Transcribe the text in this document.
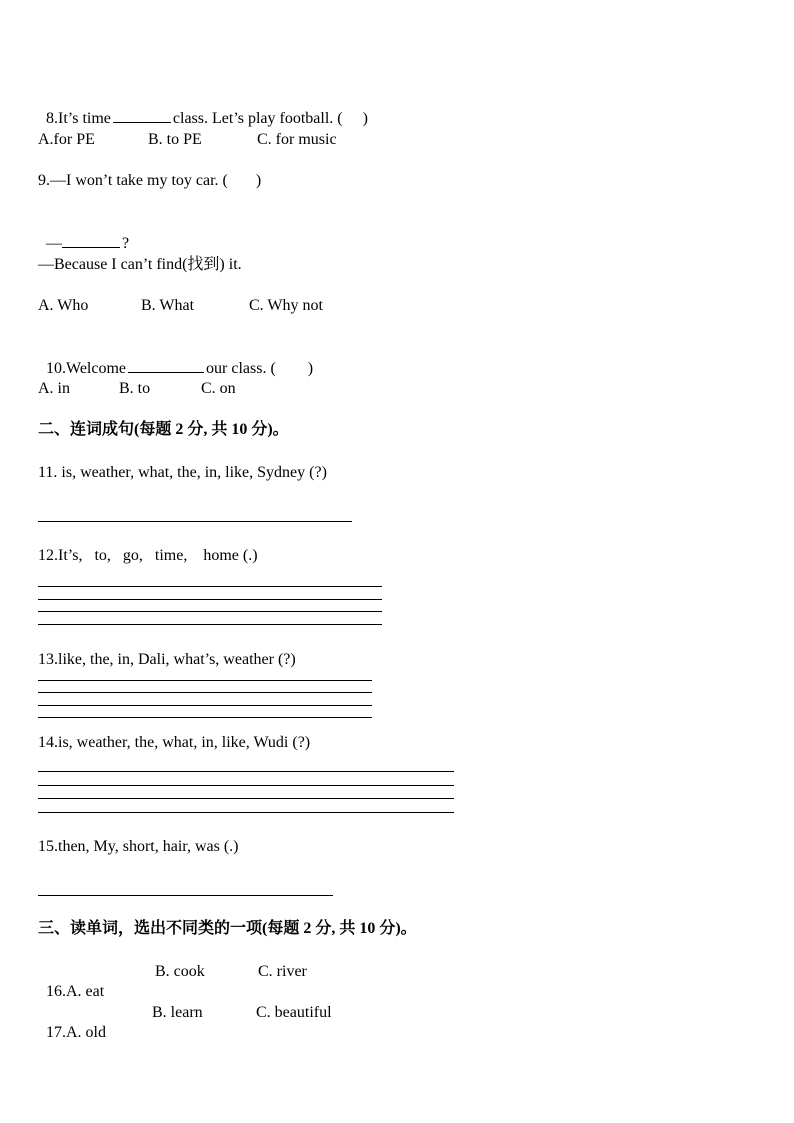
8.It’s time	class. Let’s play football. (     )

A.for PE	B. to PE	C. for music
9.—I won’t take my toy car. (       )

—	?

—Because I can’t find(找到) it.
A. Who	B. What	C. Why not

10.Welcome	our class. (        )

A. in	B. to	C. on
二、连词成句(每题 2 分, 共 10 分)。
11. is, weather, what, the, in, like, Sydney (?)
12.It’s,   to,   go,   time,    home (.)
13.like, the, in, Dali, what’s, weather (?)
14.is, weather, the, what, in, like, Wudi (?)
15.then, My, short, hair, was (.)
三、读单词，选出不同类的一项(每题 2 分, 共 10 分)。

16.A. eat

B. cook	C. river

17.A. old

B. learn	C. beautiful
